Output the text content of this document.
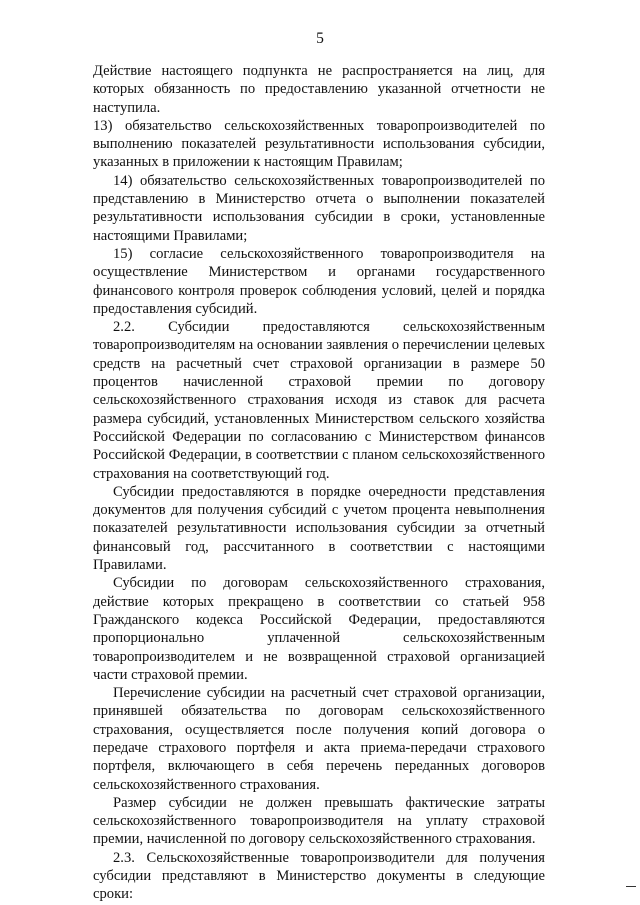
5

Действие настоящего подпункта не распространяется на лиц, для которых обязанность по предоставлению указанной отчетности не наступила.

13) обязательство сельскохозяйственных товаропроизводителей по выполнению показателей результативности использования субсидии, указанных в приложении к настоящим Правилам;

14) обязательство сельскохозяйственных товаропроизводителей по представлению в Министерство отчета о выполнении показателей результативности использования субсидии в сроки, установленные настоящими Правилами;

15) согласие сельскохозяйственного товаропроизводителя на осуществление Министерством и органами государственного финансового контроля проверок соблюдения условий, целей и порядка предоставления субсидий.

2.2. Субсидии предоставляются сельскохозяйственным товаропроизводителям на основании заявления о перечислении целевых средств на расчетный счет страховой организации в размере 50 процентов начисленной страховой премии по договору сельскохозяйственного страхования исходя из ставок для расчета размера субсидий, установленных Министерством сельского хозяйства Российской Федерации по согласованию с Министерством финансов Российской Федерации, в соответствии с планом сельскохозяйственного страхования на соответствующий год.

Субсидии предоставляются в порядке очередности представления документов для получения субсидий с учетом процента невыполнения показателей результативности использования субсидии за отчетный финансовый год, рассчитанного в соответствии с настоящими Правилами.

Субсидии по договорам сельскохозяйственного страхования, действие которых прекращено в соответствии со статьей 958 Гражданского кодекса Российской Федерации, предоставляются пропорционально уплаченной сельскохозяйственным товаропроизводителем и не возвращенной страховой организацией части страховой премии.

Перечисление субсидии на расчетный счет страховой организации, принявшей обязательства по договорам сельскохозяйственного страхования, осуществляется после получения копий договора о передаче страхового портфеля и акта приема-передачи страхового портфеля, включающего в себя перечень переданных договоров сельскохозяйственного страхования.

Размер субсидии не должен превышать фактические затраты сельскохозяйственного товаропроизводителя на уплату страховой премии, начисленной по договору сельскохозяйственного страхования.

2.3. Сельскохозяйственные товаропроизводители для получения субсидии представляют в Министерство документы в следующие сроки:
